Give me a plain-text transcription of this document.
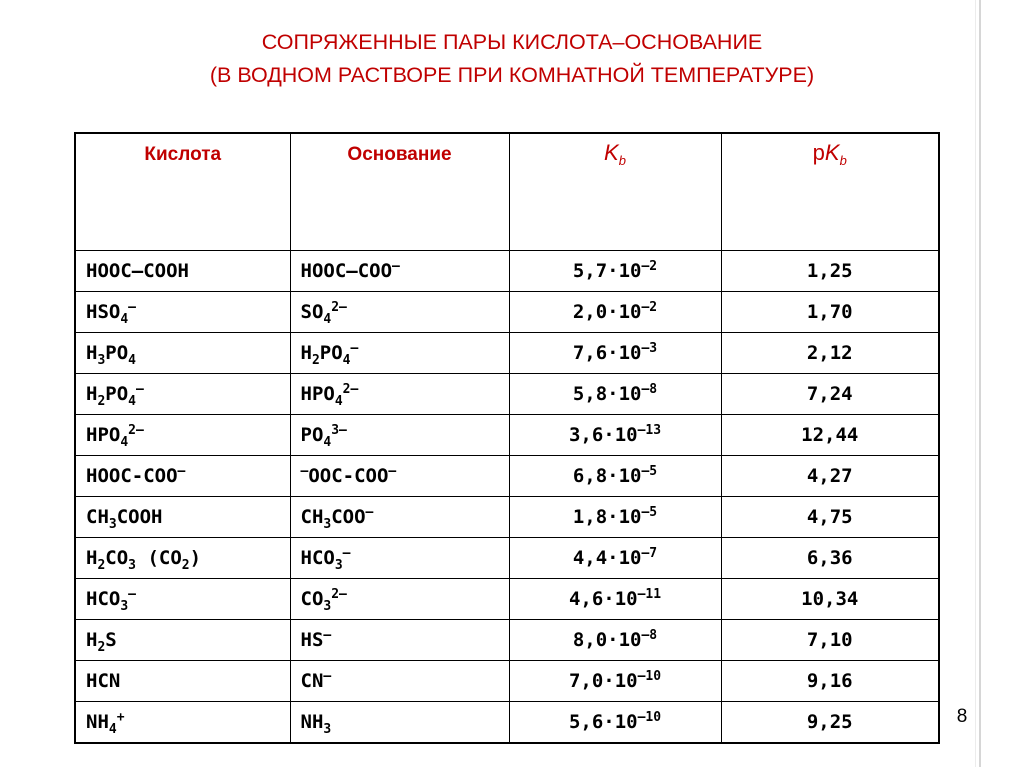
СОПРЯЖЕННЫЕ ПАРЫ КИСЛОТА–ОСНОВАНИЕ
(В ВОДНОМ РАСТВОРЕ ПРИ КОМНАТНОЙ ТЕМПЕРАТУРЕ)
Кислота	Основание	$K_b$	$pK_b$
HOOC–COOH	HOOC–COO–	$5,7\cdot 10^{-2}$	1,25
$HSO_4^-$	$SO_4^{2-}$	$2,0\cdot 10^{-2}$	1,70
$H_3PO_4$	$H_2PO_4^-$	$7,6\cdot 10^{-3}$	2,12
$H_2PO_4^-$	$HPO_4^{2-}$	$5,8\cdot 10^{-8}$	7,24
$HPO_4^{2-}$	$PO_4^{3-}$	$3,6\cdot 10^{-13}$	12,44
HOOC-COO–	–OOC-COO–	$6,8\cdot 10^{-5}$	4,27
$CH_3COOH$	$CH_3COO^-$	$1,8\cdot 10^{-5}$	4,75
$H_2CO_3$ $(CO_2)$	$HCO_3^-$	$4,4\cdot 10^{-7}$	6,36
$HCO_3^-$	$CO_3^{2-}$	$4,6\cdot 10^{-11}$	10,34
$H_2S$	HS–	$8,0\cdot 10^{-8}$	7,10
HCN	CN–	$7,0\cdot 10^{-10}$	9,16
$NH_4^+$	$NH_3$	$5,6\cdot 10^{-10}$	9,25	8
